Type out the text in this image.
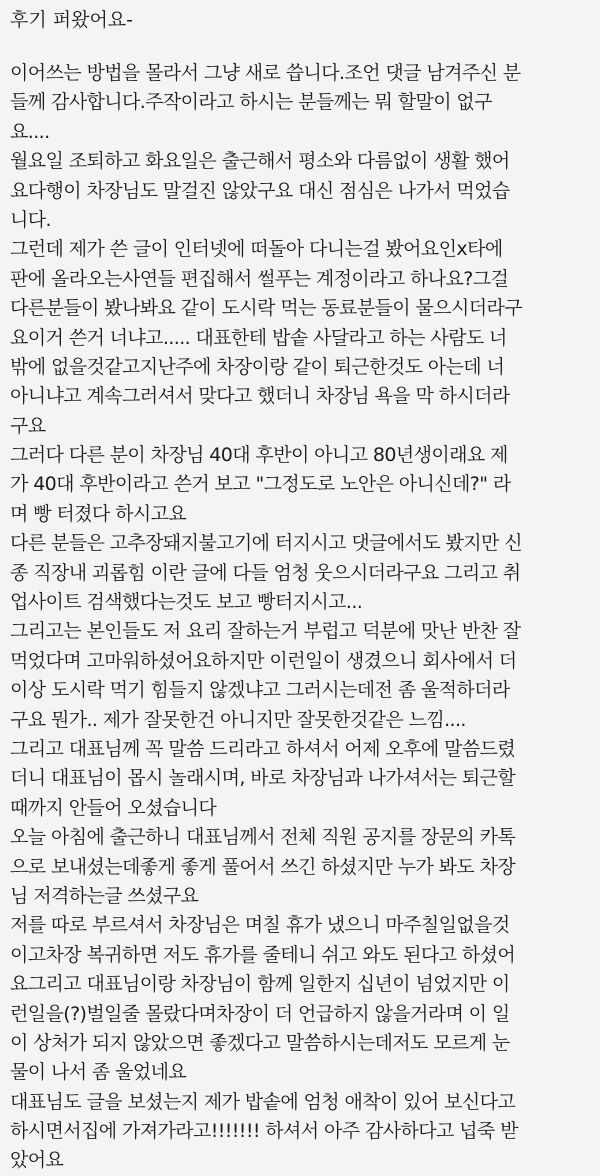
후기 퍼왔어요-
이어쓰는 방법을 몰라서 그냥 새로 씁니다.조언 댓글 남겨주신 분
들께 감사합니다.주작이라고 하시는 분들께는 뭐 할말이 없구
요....
월요일 조퇴하고 화요일은 출근해서 평소와 다름없이 생활 했어
요다행이 차장님도 말걸진 않았구요 대신 점심은 나가서 먹었습
니다.
그런데 제가 쓴 글이 인터넷에 떠돌아 다니는걸 봤어요인x타에
판에 올라오는사연들 편집해서 썰푸는 계정이라고 하나요?그걸
다른분들이 봤나봐요 같이 도시락 먹는 동료분들이 물으시더라구
요이거 쓴거 너냐고..... 대표한테 밥솥 사달라고 하는 사람도 너
밖에 없을것같고지난주에 차장이랑 같이 퇴근한것도 아는데 너
아니냐고 계속그러셔서 맞다고 했더니 차장님 욕을 막 하시더라
구요
그러다 다른 분이 차장님 40대 후반이 아니고 80년생이래요 제
가 40대 후반이라고 쓴거 보고 "그정도로 노안은 아니신데?" 라
며 빵 터졌다 하시고요
다른 분들은 고추장돼지불고기에 터지시고 댓글에서도 봤지만 신
종 직장내 괴롭힘 이란 글에 다들 엄청 웃으시더라구요 그리고 취
업사이트 검색했다는것도 보고 빵터지시고...
그리고는 본인들도 저 요리 잘하는거 부럽고 덕분에 맛난 반찬 잘
먹었다며 고마워하셨어요하지만 이런일이 생겼으니 회사에서 더
이상 도시락 먹기 힘들지 않겠냐고 그러시는데전 좀 울적하더라
구요 뭔가.. 제가 잘못한건 아니지만 잘못한것같은 느낌....
그리고 대표님께 꼭 말씀 드리라고 하셔서 어제 오후에 말씀드렸
더니 대표님이 몹시 놀래시며, 바로 차장님과 나가셔서는 퇴근할
때까지 안들어 오셨습니다
오늘 아침에 출근하니 대표님께서 전체 직원 공지를 장문의 카톡
으로 보내셨는데좋게 좋게 풀어서 쓰긴 하셨지만 누가 봐도 차장
님 저격하는글 쓰셨구요
저를 따로 부르셔서 차장님은 며칠 휴가 냈으니 마주칠일없을것
이고차장 복귀하면 저도 휴가를 줄테니 쉬고 와도 된다고 하셨어
요그리고 대표님이랑 차장님이 함께 일한지 십년이 넘었지만 이
런일을(?)벌일줄 몰랐다며차장이 더 언급하지 않을거라며 이 일
이 상처가 되지 않았으면 좋겠다고 말씀하시는데저도 모르게 눈
물이 나서 좀 울었네요
대표님도 글을 보셨는지 제가 밥솥에 엄청 애착이 있어 보신다고
하시면서집에 가져가라고!!!!!!! 하셔서 아주 감사하다고 넙죽 받
았어요
